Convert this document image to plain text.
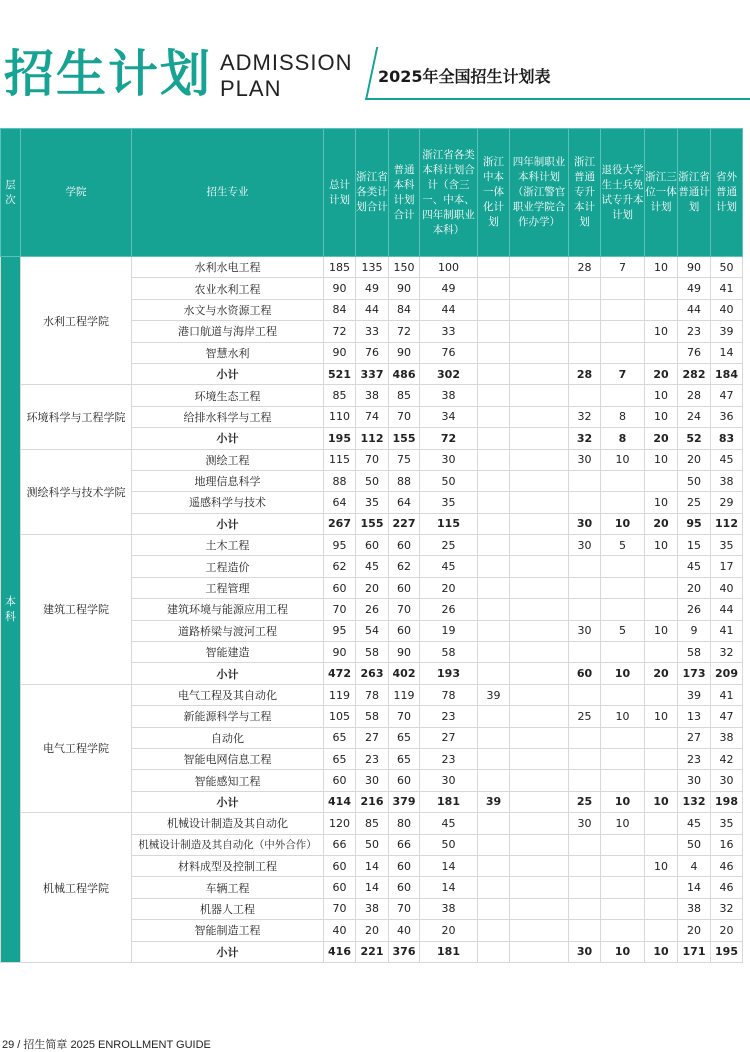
招生计划 ADMISSION
PLAN	2025年全国招生计划表
层
次	学院	招生专业	总计计划	浙江省各类计划合计	普通本科计划合计	浙江省各类本科计划合计（含三一、中本、四年制职业本科）	浙江中本一体化计划	四年制职业本科计划（浙江警官职业学院合作办学）	浙江普通专升本计划	退役大学生士兵免试专升本计划	浙江三位一体计划	浙江省普通计划	省外普通计划

本
科	水利工程学院	水利水电工程	185	135	150	100			28	7	10	90	50
		农业水利工程	90	49	90	49						49	41
		水文与水资源工程	84	44	84	44						44	40
		港口航道与海岸工程	72	33	72	33					10	23	39
		智慧水利	90	76	90	76						76	14
		小计	521	337	486	302			28	7	20	282	184
	环境科学与工程学院	环境生态工程	85	38	85	38					10	28	47
		给排水科学与工程	110	74	70	34			32	8	10	24	36
		小计	195	112	155	72			32	8	20	52	83
	测绘科学与技术学院	测绘工程	115	70	75	30			30	10	10	20	45
		地理信息科学	88	50	88	50						50	38
		遥感科学与技术	64	35	64	35					10	25	29
		小计	267	155	227	115			30	10	20	95	112
	建筑工程学院	土木工程	95	60	60	25			30	5	10	15	35
		工程造价	62	45	62	45						45	17
		工程管理	60	20	60	20						20	40
		建筑环境与能源应用工程	70	26	70	26						26	44
		道路桥梁与渡河工程	95	54	60	19			30	5	10	9	41
		智能建造	90	58	90	58						58	32
		小计	472	263	402	193			60	10	20	173	209
	电气工程学院	电气工程及其自动化	119	78	119	78	39					39	41
		新能源科学与工程	105	58	70	23			25	10	10	13	47
		自动化	65	27	65	27						27	38
		智能电网信息工程	65	23	65	23						23	42
		智能感知工程	60	30	60	30						30	30
		小计	414	216	379	181	39		25	10	10	132	198
	机械工程学院	机械设计制造及其自动化	120	85	80	45			30	10		45	35
		机械设计制造及其自动化（中外合作）	66	50	66	50						50	16
		材料成型及控制工程	60	14	60	14					10	4	46
		车辆工程	60	14	60	14						14	46
		机器人工程	70	38	70	38						38	32
		智能制造工程	40	20	40	20						20	20
		小计	416	221	376	181			30	10	10	171	195
29 / 招生简章 2025 ENROLLMENT GUIDE
